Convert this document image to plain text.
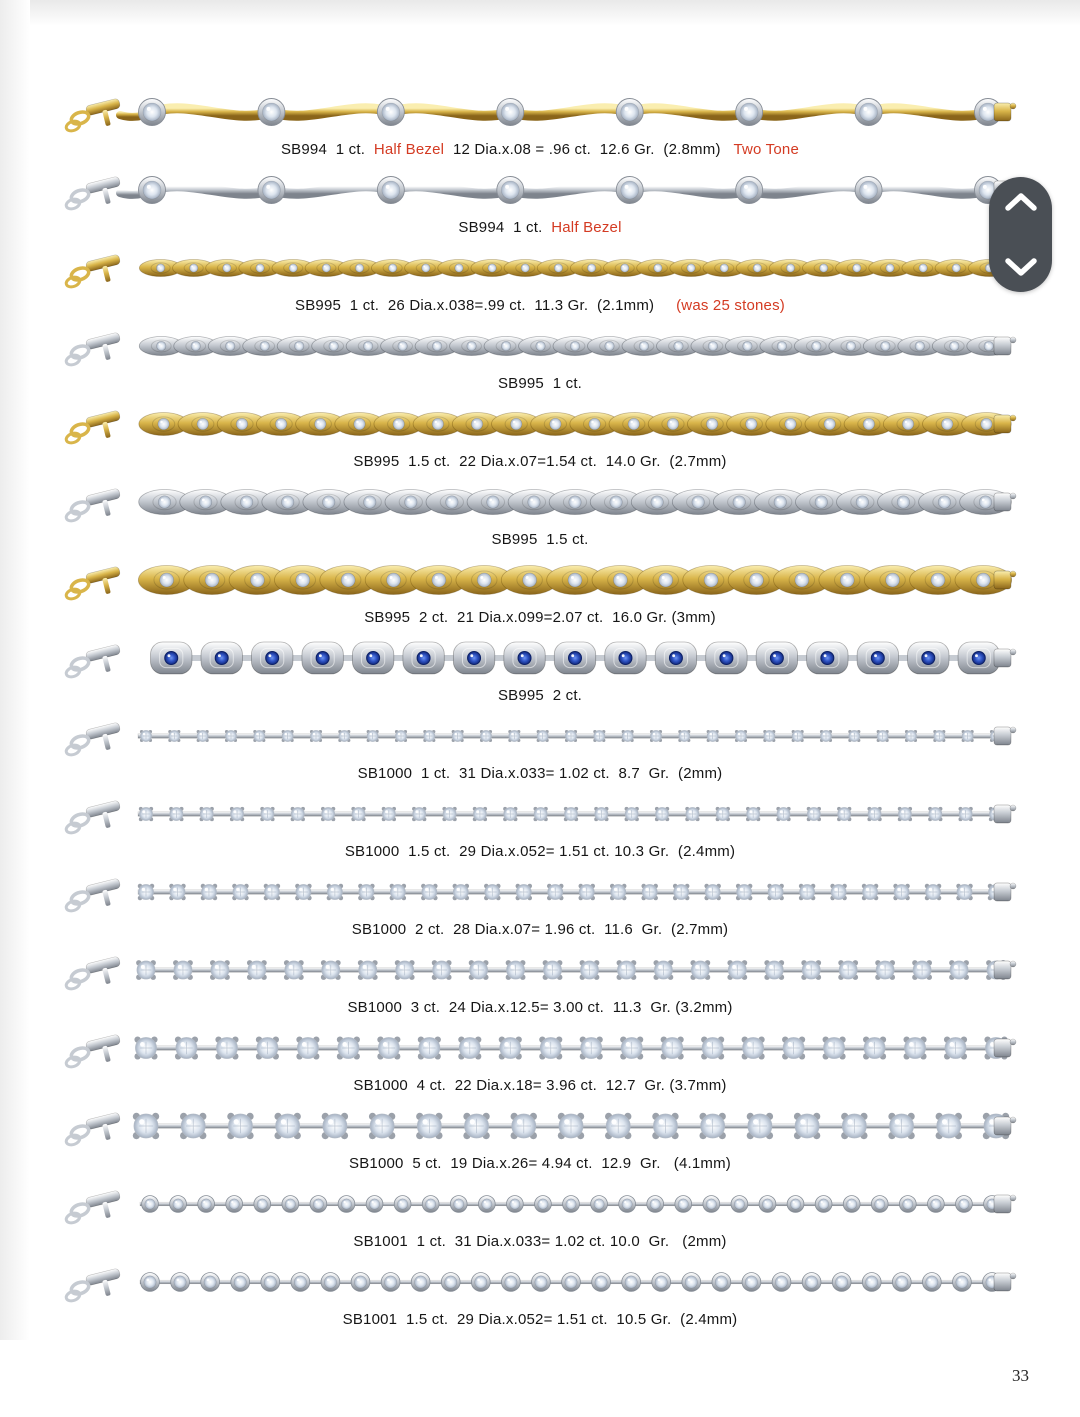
SB994  1 ct.  Half Bezel  12 Dia.x.08 = .96 ct.  12.6 Gr.  (2.8mm)   Two Tone
SB994  1 ct.  Half Bezel
SB995  1 ct.  26 Dia.x.038=.99 ct.  11.3 Gr.  (2.1mm)     (was 25 stones)
SB995  1 ct.
SB995  1.5 ct.  22 Dia.x.07=1.54 ct.  14.0 Gr.  (2.7mm)
SB995  1.5 ct.
SB995  2 ct.  21 Dia.x.099=2.07 ct.  16.0 Gr. (3mm)
SB995  2 ct.
SB1000  1 ct.  31 Dia.x.033= 1.02 ct.  8.7  Gr.  (2mm)
SB1000  1.5 ct.  29 Dia.x.052= 1.51 ct. 10.3 Gr.  (2.4mm)
SB1000  2 ct.  28 Dia.x.07= 1.96 ct.  11.6  Gr.  (2.7mm)
SB1000  3 ct.  24 Dia.x.12.5= 3.00 ct.  11.3  Gr. (3.2mm)
SB1000  4 ct.  22 Dia.x.18= 3.96 ct.  12.7  Gr. (3.7mm)
SB1000  5 ct.  19 Dia.x.26= 4.94 ct.  12.9  Gr.   (4.1mm)
SB1001  1 ct.  31 Dia.x.033= 1.02 ct. 10.0  Gr.   (2mm)
SB1001  1.5 ct.  29 Dia.x.052= 1.51 ct.  10.5 Gr.  (2.4mm)
33
